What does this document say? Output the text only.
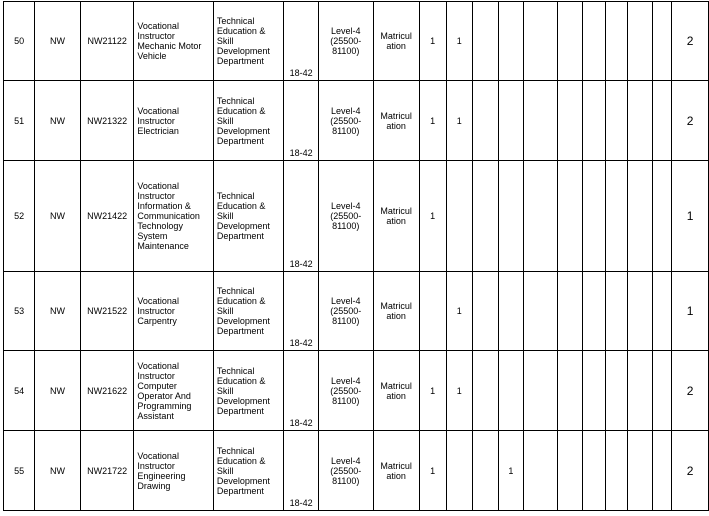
50	NW	NW21122	Vocational Instructor Mechanic Motor Vehicle	Technical Education & Skill Development Department	18-42	Level-4 (25500-81100)	Matriculation	1	1									2
51	NW	NW21322	Vocational Instructor Electrician	Technical Education & Skill Development Department	18-42	Level-4 (25500-81100)	Matriculation	1	1									2
52	NW	NW21422	Vocational Instructor Information & Communication Technology System Maintenance	Technical Education & Skill Development Department	18-42	Level-4 (25500-81100)	Matriculation	1										1
53	NW	NW21522	Vocational Instructor Carpentry	Technical Education & Skill Development Department	18-42	Level-4 (25500-81100)	Matriculation		1									1
54	NW	NW21622	Vocational Instructor Computer Operator And Programming Assistant	Technical Education & Skill Development Department	18-42	Level-4 (25500-81100)	Matriculation	1	1									2
55	NW	NW21722	Vocational Instructor Engineering Drawing	Technical Education & Skill Development Department	18-42	Level-4 (25500-81100)	Matriculation	1			1							2
